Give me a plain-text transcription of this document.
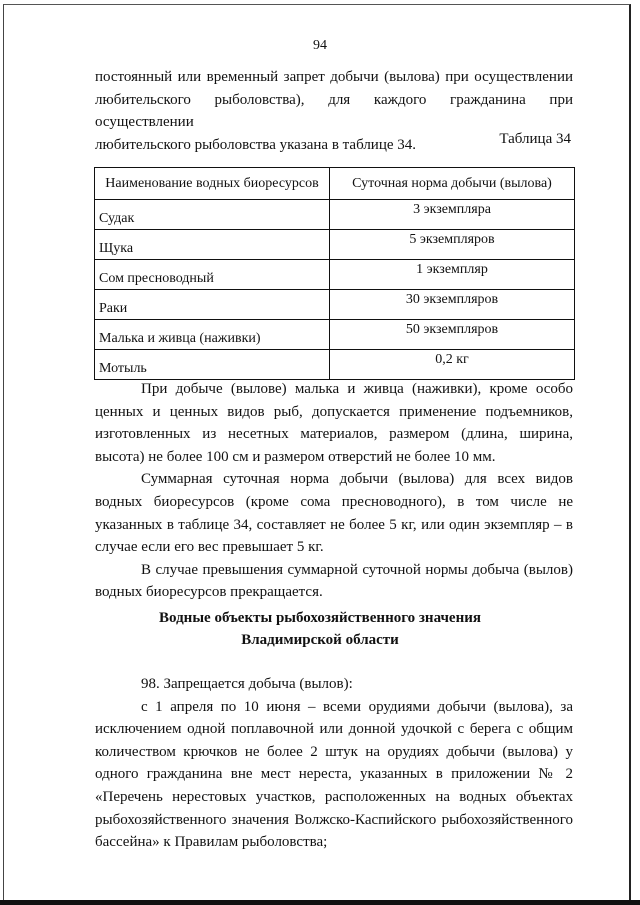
94
постоянный или временный запрет добычи (вылова) при осуществлении
любительского рыболовства), для каждого гражданина при осуществлении
любительского рыболовства указана в таблице 34.	Таблица 34
Наименование водных биоресурсов	Суточная норма добычи (вылова)
Судак	3 экземпляра
Щука	5 экземпляров
Сом пресноводный	1 экземпляр
Раки	30 экземпляров
Малька и живца (наживки)	50 экземпляров
Мотыль	0,2 кг

При добыче (вылове) малька и живца (наживки), кроме особо ценных и ценных видов рыб, допускается применение подъемников, изготовленных из несетных материалов, размером (длина, ширина, высота) не более 100 см и размером отверстий не более 10 мм.

Суммарная суточная норма добычи (вылова) для всех видов водных биоресурсов (кроме сома пресноводного), в том числе не указанных в таблице 34, составляет не более 5 кг, или один экземпляр – в случае если его вес превышает 5 кг.

В случае превышения суммарной суточной нормы добыча (вылов) водных биоресурсов прекращается.

Водные объекты рыбохозяйственного значения
Владимирской области

98. Запрещается добыча (вылов):

с 1 апреля по 10 июня – всеми орудиями добычи (вылова), за исключением одной поплавочной или донной удочкой с берега с общим количеством крючков не более 2 штук на орудиях добычи (вылова) у одного гражданина вне мест нереста, указанных в приложении № 2 «Перечень нерестовых участков, расположенных на водных объектах рыбохозяйственного значения Волжско-Каспийского рыбохозяйственного бассейна» к Правилам рыболовства;
